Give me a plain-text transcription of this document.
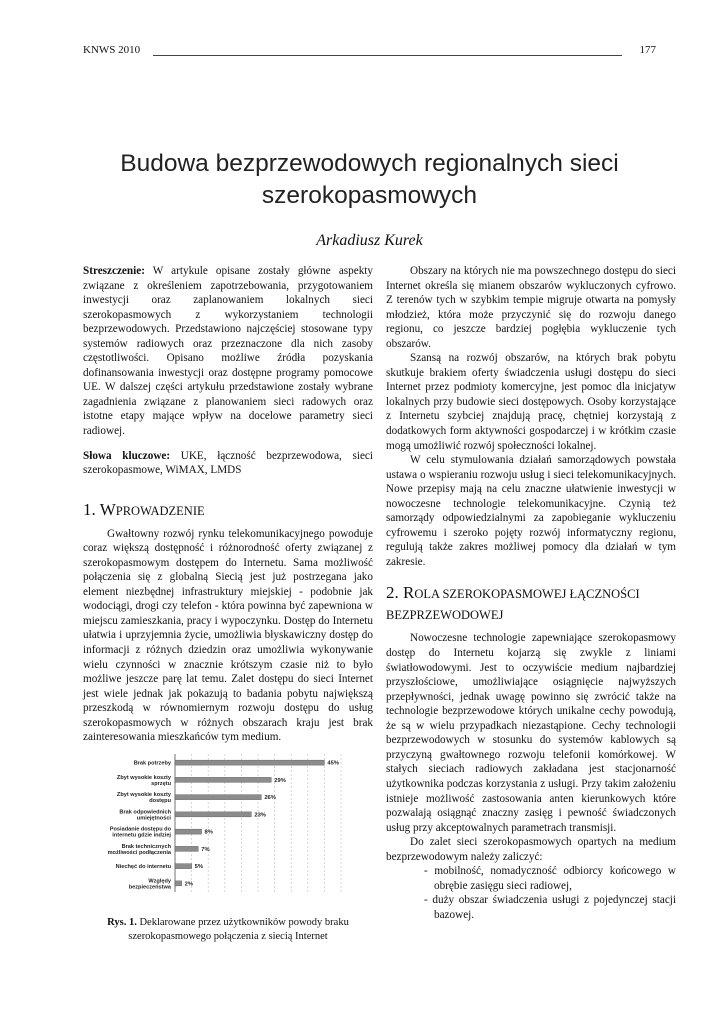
KNWS 2010	177
Budowa bezprzewodowych regionalnych sieci
szerokopasmowych
Arkadiusz Kurek

Streszczenie: W artykule opisane zostały główne aspekty związane z określeniem zapotrzebowania, przygotowaniem inwestycji oraz zaplanowaniem lokalnych sieci szerokopasmowych z wykorzystaniem technologii bezprzewodowych. Przedstawiono najczęściej stosowane typy systemów radiowych oraz przeznaczone dla nich zasoby częstotliwości. Opisano możliwe źródła pozyskania dofinansowania inwestycji oraz dostępne programy pomocowe UE. W dalszej części artykułu przedstawione zostały wybrane zagadnienia związane z planowaniem sieci radowych oraz istotne etapy mające wpływ na docelowe parametry sieci radiowej.

Słowa kluczowe: UKE, łączność bezprzewodowa, sieci szerokopasmowe, WiMAX, LMDS

1. WPROWADZENIE

Gwałtowny rozwój rynku telekomunikacyjnego powoduje coraz większą dostępność i różnorodność oferty związanej z szerokopasmowym dostępem do Internetu. Sama możliwość połączenia się z globalną Siecią jest już postrzegana jako element niezbędnej infrastruktury miejskiej - podobnie jak wodociągi, drogi czy telefon - która powinna być zapewniona w miejscu zamieszkania, pracy i wypoczynku. Dostęp do Internetu ułatwia i uprzyjemnia życie, umożliwia błyskawiczny dostęp do informacji z różnych dziedzin oraz umożliwia wykonywanie wielu czynności w znacznie krótszym czasie niż to było możliwe jeszcze parę lat temu. Zalet dostępu do sieci Internet jest wiele jednak jak pokazują to badania pobytu największą przeszkodą w równomiernym rozwoju dostępu do usług szerokopasmowych w różnych obszarach kraju jest brak zainteresowania mieszkańców tym medium.

Brak potrzeby	45%
Zbyt wysokie koszty
sprzętu
29%
Zbyt wysokie koszty
dostępu
26%
Brak odpowiednich
umiejętności
23%
Posiadanie dostępu do
internetu gdzie indziej
8%
Brak technicznych
możliwości podłączenia
7%
Niechęć do internetu	5%
Względy
bezpieczeństwa
2%
Rys. 1. Deklarowane przez użytkowników powody braku
szerokopasmowego połączenia z siecią Internet

Obszary na których nie ma powszechnego dostępu do sieci Internet określa się mianem obszarów wykluczonych cyfrowo. Z terenów tych w szybkim tempie migruje otwarta na pomysły młodzież, która może przyczynić się do rozwoju danego regionu, co jeszcze bardziej pogłębia wykluczenie tych obszarów.

Szansą na rozwój obszarów, na których brak pobytu skutkuje brakiem oferty świadczenia usługi dostępu do sieci Internet przez podmioty komercyjne, jest pomoc dla inicjatyw lokalnych przy budowie sieci dostępowych. Osoby korzystające z Internetu szybciej znajdują pracę, chętniej korzystają z dodatkowych form aktywności gospodarczej i w krótkim czasie mogą umożliwić rozwój społeczności lokalnej.

W celu stymulowania działań samorządowych powstała ustawa o wspieraniu rozwoju usług i sieci telekomunikacyjnych. Nowe przepisy mają na celu znaczne ułatwienie inwestycji w nowoczesne technologie telekomunikacyjne. Czynią też samorządy odpowiedzialnymi za zapobieganie wykluczeniu cyfrowemu i szeroko pojęty rozwój informatyczny regionu, regulują także zakres możliwej pomocy dla działań w tym zakresie.

2. ROLA SZEROKOPASMOWEJ ŁĄCZNOŚCI
BEZPRZEWODOWEJ

Nowoczesne technologie zapewniające szerokopasmowy dostęp do Internetu kojarzą się zwykle z liniami światłowodowymi. Jest to oczywiście medium najbardziej przyszłościowe, umożliwiające osiągnięcie najwyższych przepływności, jednak uwagę powinno się zwrócić także na technologie bezprzewodowe których unikalne cechy powodują, że są w wielu przypadkach niezastąpione. Cechy technologii bezprzewodowych w stosunku do systemów kablowych są przyczyną gwałtownego rozwoju telefonii komórkowej. W stałych sieciach radiowych zakładana jest stacjonarność użytkownika podczas korzystania z usługi. Przy takim założeniu istnieje możliwość zastosowania anten kierunkowych które pozwalają osiągnąć znaczny zasięg i pewność świadczonych usług przy akceptowalnych parametrach transmisji.

Do zalet sieci szerokopasmowych opartych na medium bezprzewodowym należy zaliczyć:

- mobilność, nomadyczność odbiorcy końcowego w obrębie zasięgu sieci radiowej,
- duży obszar świadczenia usługi z pojedynczej stacji bazowej.
